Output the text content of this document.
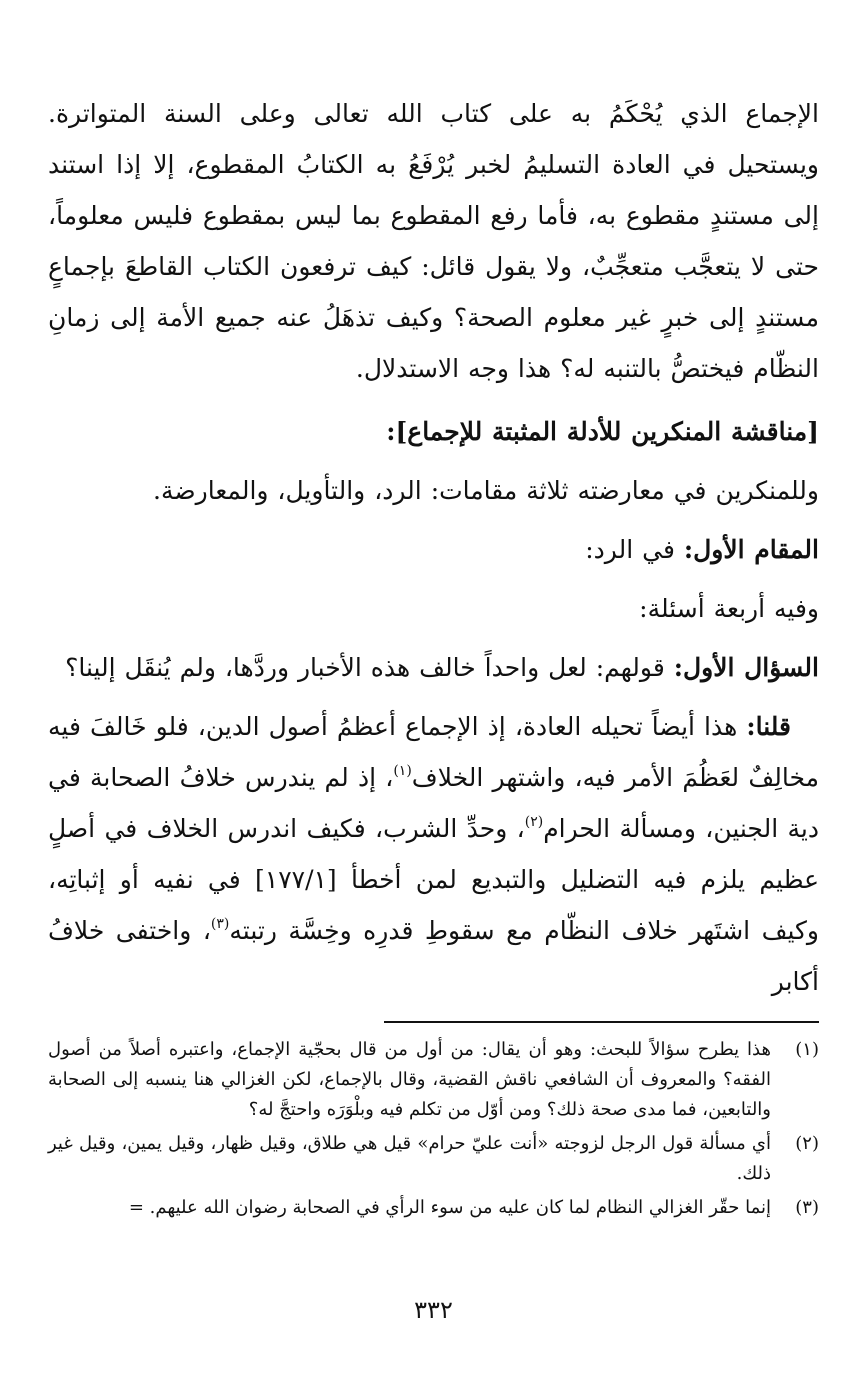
الإجماع الذي يُحْكَمُ به على كتاب الله تعالى وعلى السنة المتواترة. ويستحيل في العادة التسليمُ لخبر يُرْفَعُ به الكتابُ المقطوع، إلا إذا استند إلى مستندٍ مقطوع به، فأما رفع المقطوع بما ليس بمقطوع فليس معلوماً، حتى لا يتعجَّب متعجِّبٌ، ولا يقول قائل: كيف ترفعون الكتاب القاطعَ بإجماعٍ مستندٍ إلى خبرٍ غير معلوم الصحة؟ وكيف تذهَلُ عنه جميع الأمة إلى زمانِ النظّام فيختصُّ بالتنبه له؟ هذا وجه الاستدلال.

[مناقشة المنكرين للأدلة المثبتة للإجماع]:

وللمنكرين في معارضته ثلاثة مقامات: الرد، والتأويل، والمعارضة.

المقام الأول: في الرد:

وفيه أربعة أسئلة:

السؤال الأول: قولهم: لعل واحداً خالف هذه الأخبار وردَّها، ولم يُنقَل إلينا؟

قلنا: هذا أيضاً تحيله العادة، إذ الإجماع أعظمُ أصول الدين، فلو خَالفَ فيه مخالِفٌ لعَظُمَ الأمر فيه، واشتهر الخلاف$^{(١)}$، إذ لم يندرس خلافُ الصحابة في دية الجنين، ومسألة الحرام$^{(٢)}$، وحدِّ الشرب، فكيف اندرس الخلاف في أصلٍ عظيم يلزم فيه التضليل والتبديع لمن أخطأ [١٧٧/١] في نفيه أو إثباتِه، وكيف اشتَهر خلاف النظّام مع سقوطِ قدرِه وخِسَّة رتبته$^{(٣)}$، واختفى خلافُ أكابر

(١)
هذا يطرح سؤالاً للبحث: وهو أن يقال: من أول من قال بحجّية الإجماع، واعتبره أصلاً من أصول الفقه؟ والمعروف أن الشافعي ناقش القضية، وقال بالإجماع، لكن الغزالي هنا ينسبه إلى الصحابة والتابعين، فما مدى صحة ذلك؟ ومن أوّل من تكلم فيه وبلْوَرَه واحتجَّ له؟
(٢)
أي مسألة قول الرجل لزوجته «أنت عليّ حرام» قيل هي طلاق، وقيل ظهار، وقيل يمين، وقيل غير ذلك.
(٣)
إنما حقّر الغزالي النظام لما كان عليه من سوء الرأي في الصحابة رضوان الله عليهم. =
٣٣٢
